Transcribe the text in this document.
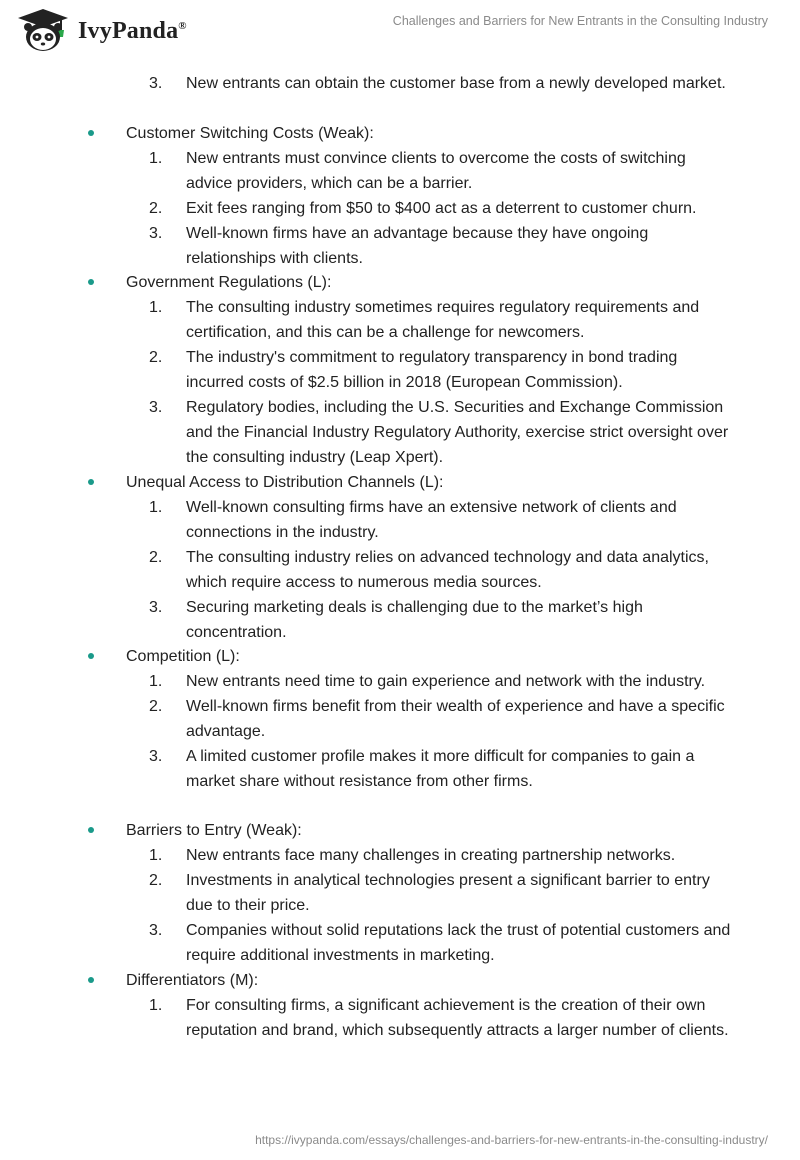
IvyPanda®	Challenges and Barriers for New Entrants in the Consulting Industry
3. New entrants can obtain the customer base from a newly developed market.
Customer Switching Costs (Weak):
1. New entrants must convince clients to overcome the costs of switching advice providers, which can be a barrier.
2. Exit fees ranging from $50 to $400 act as a deterrent to customer churn.
3. Well-known firms have an advantage because they have ongoing relationships with clients.
Government Regulations (L):
1. The consulting industry sometimes requires regulatory requirements and certification, and this can be a challenge for newcomers.
2. The industry's commitment to regulatory transparency in bond trading incurred costs of $2.5 billion in 2018 (European Commission).
3. Regulatory bodies, including the U.S. Securities and Exchange Commission and the Financial Industry Regulatory Authority, exercise strict oversight over the consulting industry (Leap Xpert).
Unequal Access to Distribution Channels (L):
1. Well-known consulting firms have an extensive network of clients and connections in the industry.
2. The consulting industry relies on advanced technology and data analytics, which require access to numerous media sources.
3. Securing marketing deals is challenging due to the market’s high concentration.
Competition (L):
1. New entrants need time to gain experience and network with the industry.
2. Well-known firms benefit from their wealth of experience and have a specific advantage.
3. A limited customer profile makes it more difficult for companies to gain a market share without resistance from other firms.
Barriers to Entry (Weak):
1. New entrants face many challenges in creating partnership networks.
2. Investments in analytical technologies present a significant barrier to entry due to their price.
3. Companies without solid reputations lack the trust of potential customers and require additional investments in marketing.
Differentiators (M):
1. For consulting firms, a significant achievement is the creation of their own reputation and brand, which subsequently attracts a larger number of clients.
https://ivypanda.com/essays/challenges-and-barriers-for-new-entrants-in-the-consulting-industry/
